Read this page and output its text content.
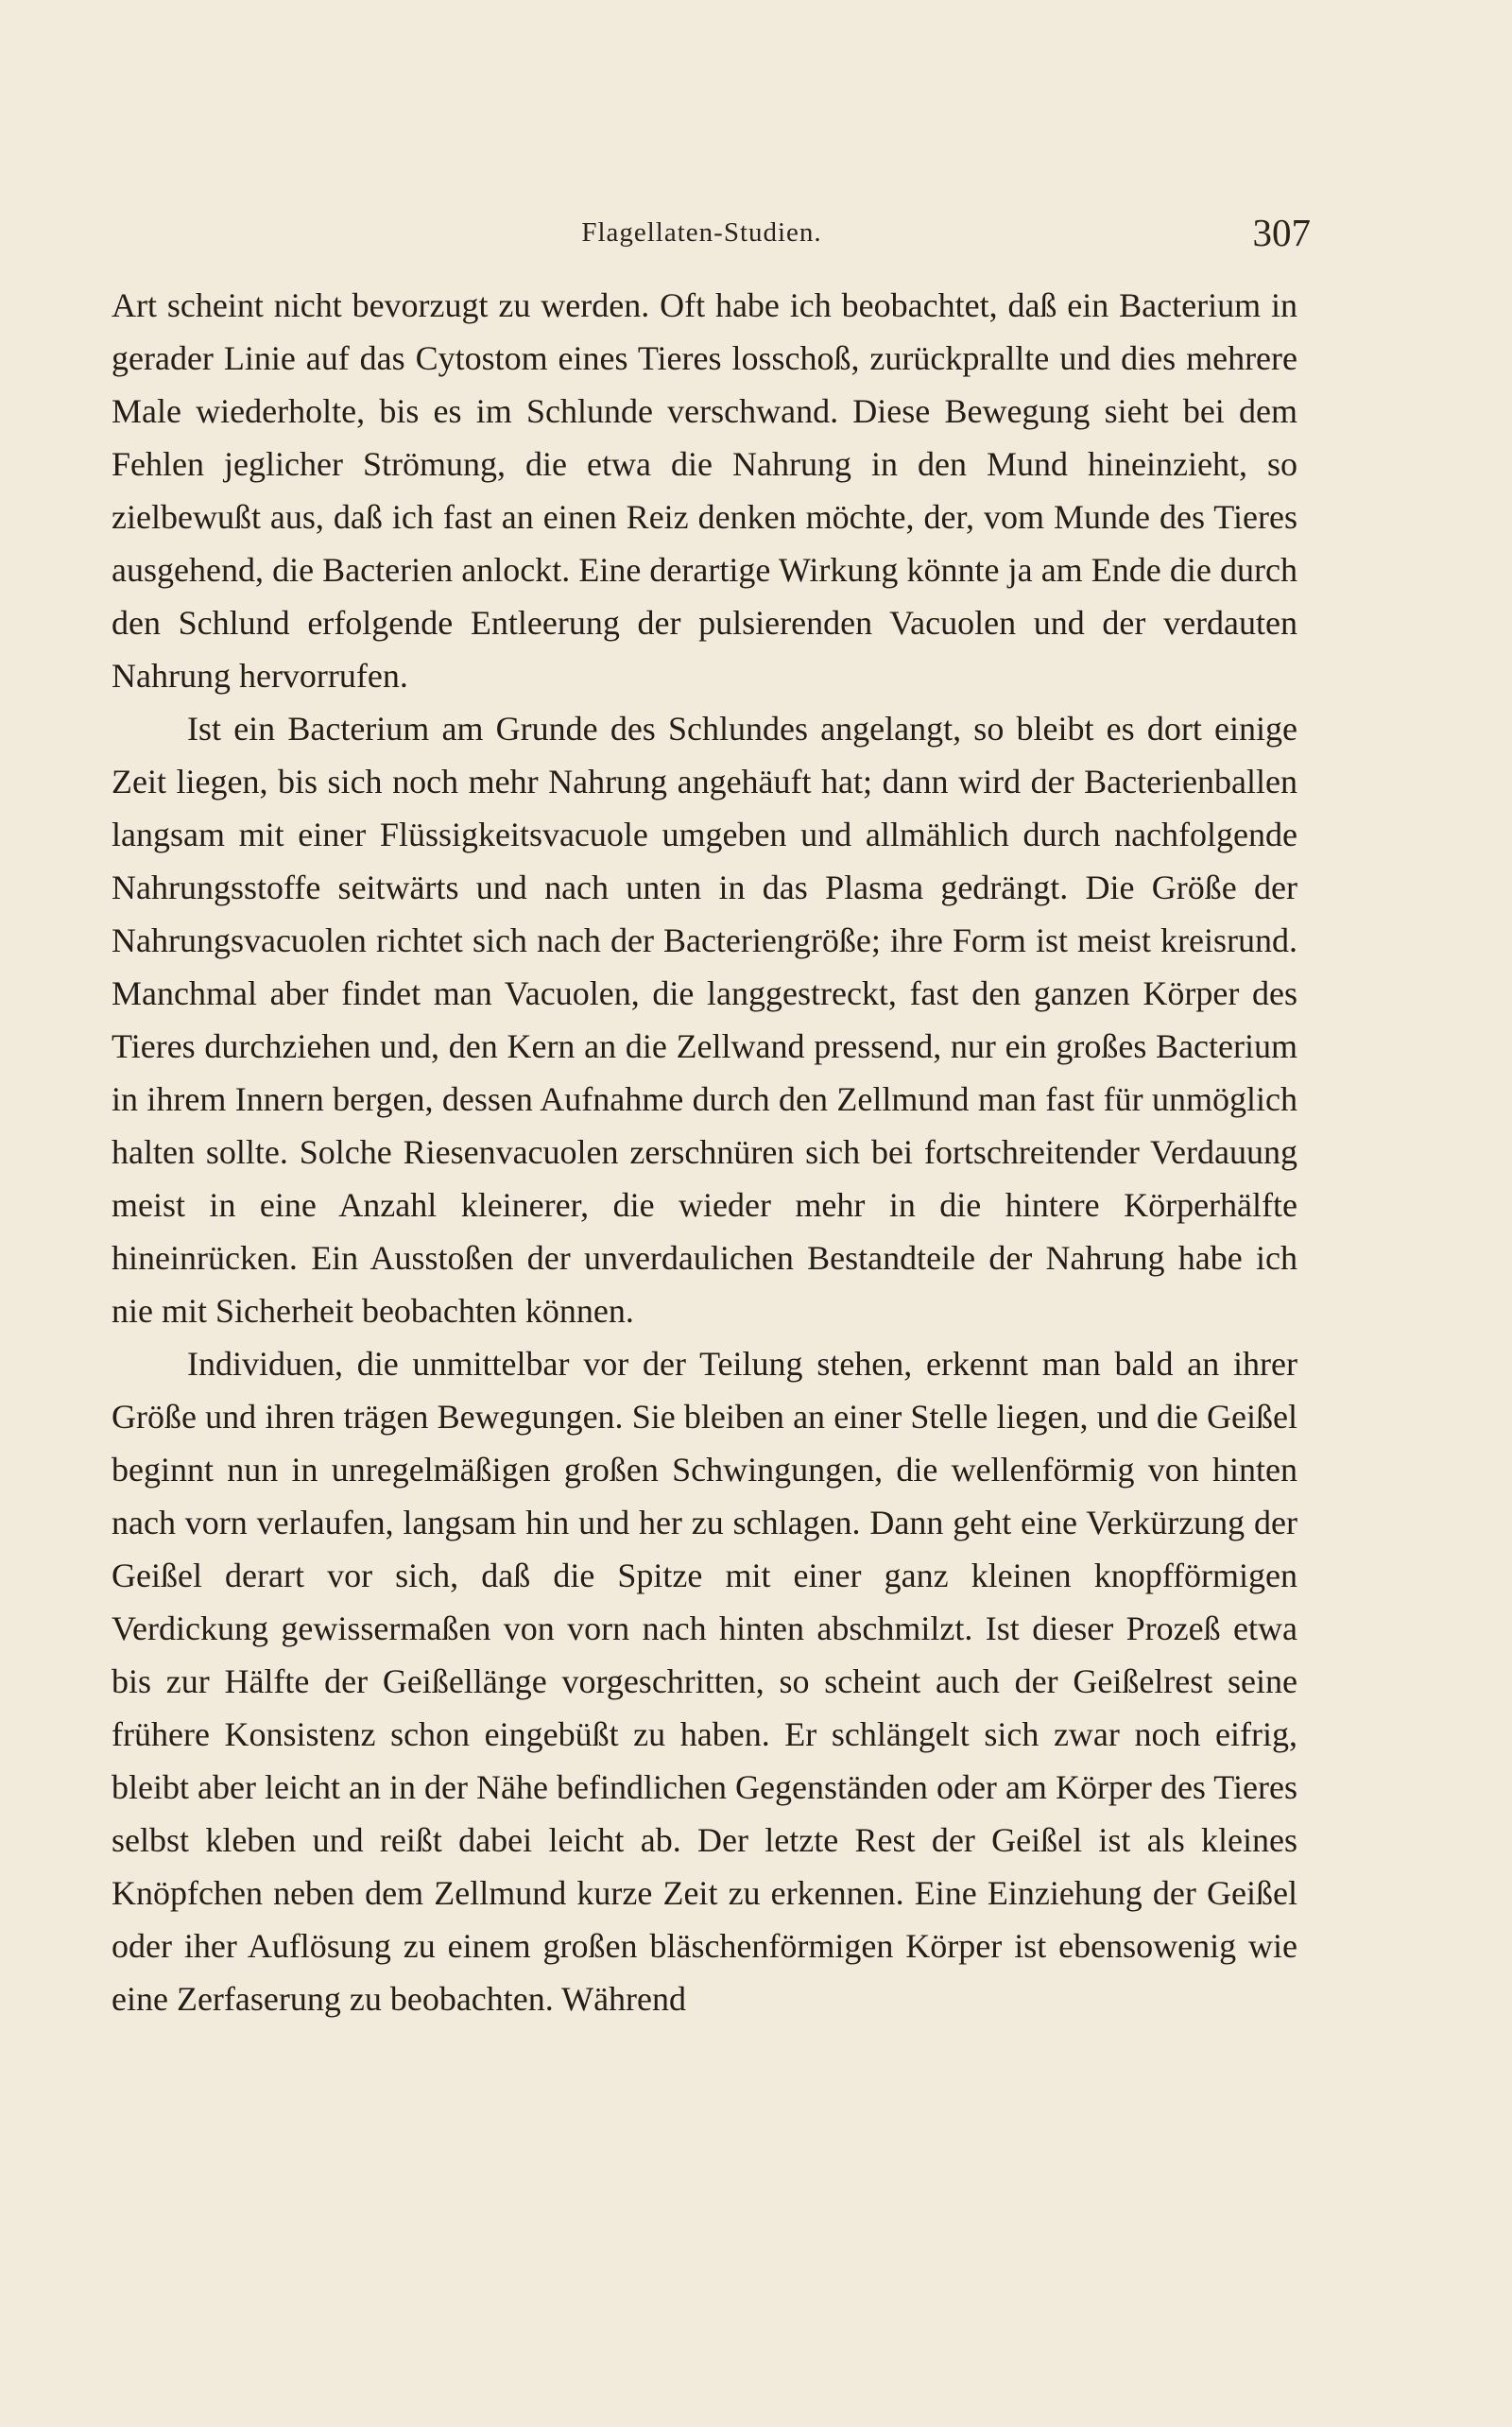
Flagellaten-Studien.	307

Art scheint nicht bevorzugt zu werden. Oft habe ich beobachtet, daß ein Bacterium in gerader Linie auf das Cytostom eines Tieres losschoß, zurückprallte und dies mehrere Male wiederholte, bis es im Schlunde verschwand. Diese Bewegung sieht bei dem Fehlen jeglicher Strömung, die etwa die Nahrung in den Mund hineinzieht, so zielbewußt aus, daß ich fast an einen Reiz denken möchte, der, vom Munde des Tieres ausgehend, die Bacterien anlockt. Eine derartige Wirkung könnte ja am Ende die durch den Schlund erfolgende Entleerung der pulsierenden Vacuolen und der verdauten Nahrung hervorrufen.

Ist ein Bacterium am Grunde des Schlundes angelangt, so bleibt es dort einige Zeit liegen, bis sich noch mehr Nahrung angehäuft hat; dann wird der Bacterienballen langsam mit einer Flüssigkeitsvacuole umgeben und allmählich durch nachfolgende Nahrungsstoffe seitwärts und nach unten in das Plasma gedrängt. Die Größe der Nahrungsvacuolen richtet sich nach der Bacteriengröße; ihre Form ist meist kreisrund. Manchmal aber findet man Vacuolen, die langgestreckt, fast den ganzen Körper des Tieres durchziehen und, den Kern an die Zellwand pressend, nur ein großes Bacterium in ihrem Innern bergen, dessen Aufnahme durch den Zellmund man fast für unmöglich halten sollte. Solche Riesenvacuolen zerschnüren sich bei fortschreitender Verdauung meist in eine Anzahl kleinerer, die wieder mehr in die hintere Körperhälfte hineinrücken. Ein Ausstoßen der unverdaulichen Bestandteile der Nahrung habe ich nie mit Sicherheit beobachten können.

Individuen, die unmittelbar vor der Teilung stehen, erkennt man bald an ihrer Größe und ihren trägen Bewegungen. Sie bleiben an einer Stelle liegen, und die Geißel beginnt nun in unregelmäßigen großen Schwingungen, die wellenförmig von hinten nach vorn verlaufen, langsam hin und her zu schlagen. Dann geht eine Verkürzung der Geißel derart vor sich, daß die Spitze mit einer ganz kleinen knopfförmigen Verdickung gewissermaßen von vorn nach hinten abschmilzt. Ist dieser Prozeß etwa bis zur Hälfte der Geißellänge vorgeschritten, so scheint auch der Geißelrest seine frühere Konsistenz schon eingebüßt zu haben. Er schlängelt sich zwar noch eifrig, bleibt aber leicht an in der Nähe befindlichen Gegenständen oder am Körper des Tieres selbst kleben und reißt dabei leicht ab. Der letzte Rest der Geißel ist als kleines Knöpfchen neben dem Zellmund kurze Zeit zu erkennen. Eine Einziehung der Geißel oder iher Auflösung zu einem großen bläschenförmigen Körper ist ebensowenig wie eine Zerfaserung zu beobachten. Während
